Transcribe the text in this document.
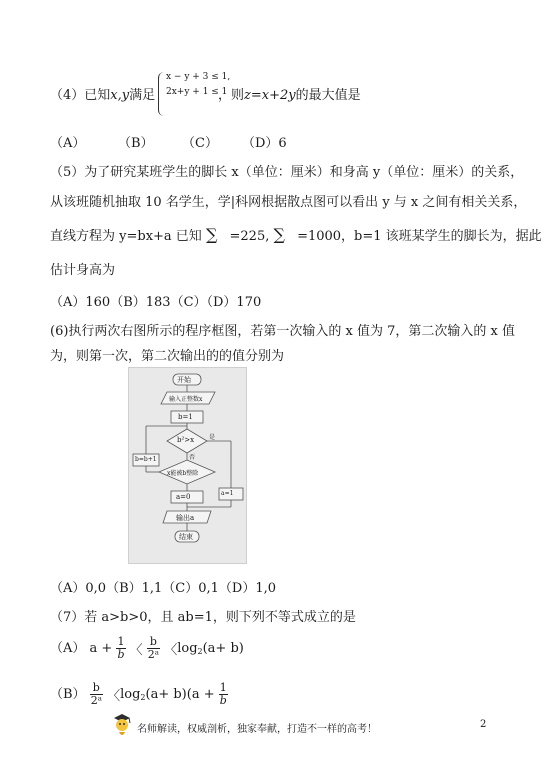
（4）已知x,y满足
x − y + 3 ≤ 1,
2x+y + 1 ≤ 1
，则z=x+2y的最大值是
（A）	（B） （C） （D）6
（5）为了研究某班学生的脚长 x（单位：厘米）和身高 y（单位：厘米）的关系，
从该班随机抽取 10 名学生，学|科网根据散点图可以看出 y 与 x 之间有相关关系，
直线方程为 y=bx+a 已知 ∑ =225, ∑ =1000，b=1 该班某学生的脚长为，据此
估计身高为
（A）160（B）183（C）（D）170
(6)执行两次右图所示的程序框图，若第一次输入的 x 值为 7，第二次输入的 x 值
为，则第一次，第二次输出的的值分别为
开始
输入正整数x
b=1
b²>x
否
是
x能被b整除
b=b+1
a=1
a=0
输出a
结束
（A）0,0（B）1,1（C）0,1（D）1,0
（7）若 a>b>0，且 ab=1，则下列不等式成立的是
（A） $a + \frac{1}{b}$ 〈 $\frac{b}{\text{2ᵃ}}$ 〈$\log_2(a+ b)$
$(B) \frac{b}{\text{2ᵃ}}$ 〈$\log_2(a+ b)(a + \frac{1}{b}$
名师解读，权威剖析，独家奉献，打造不一样的高考！	2
